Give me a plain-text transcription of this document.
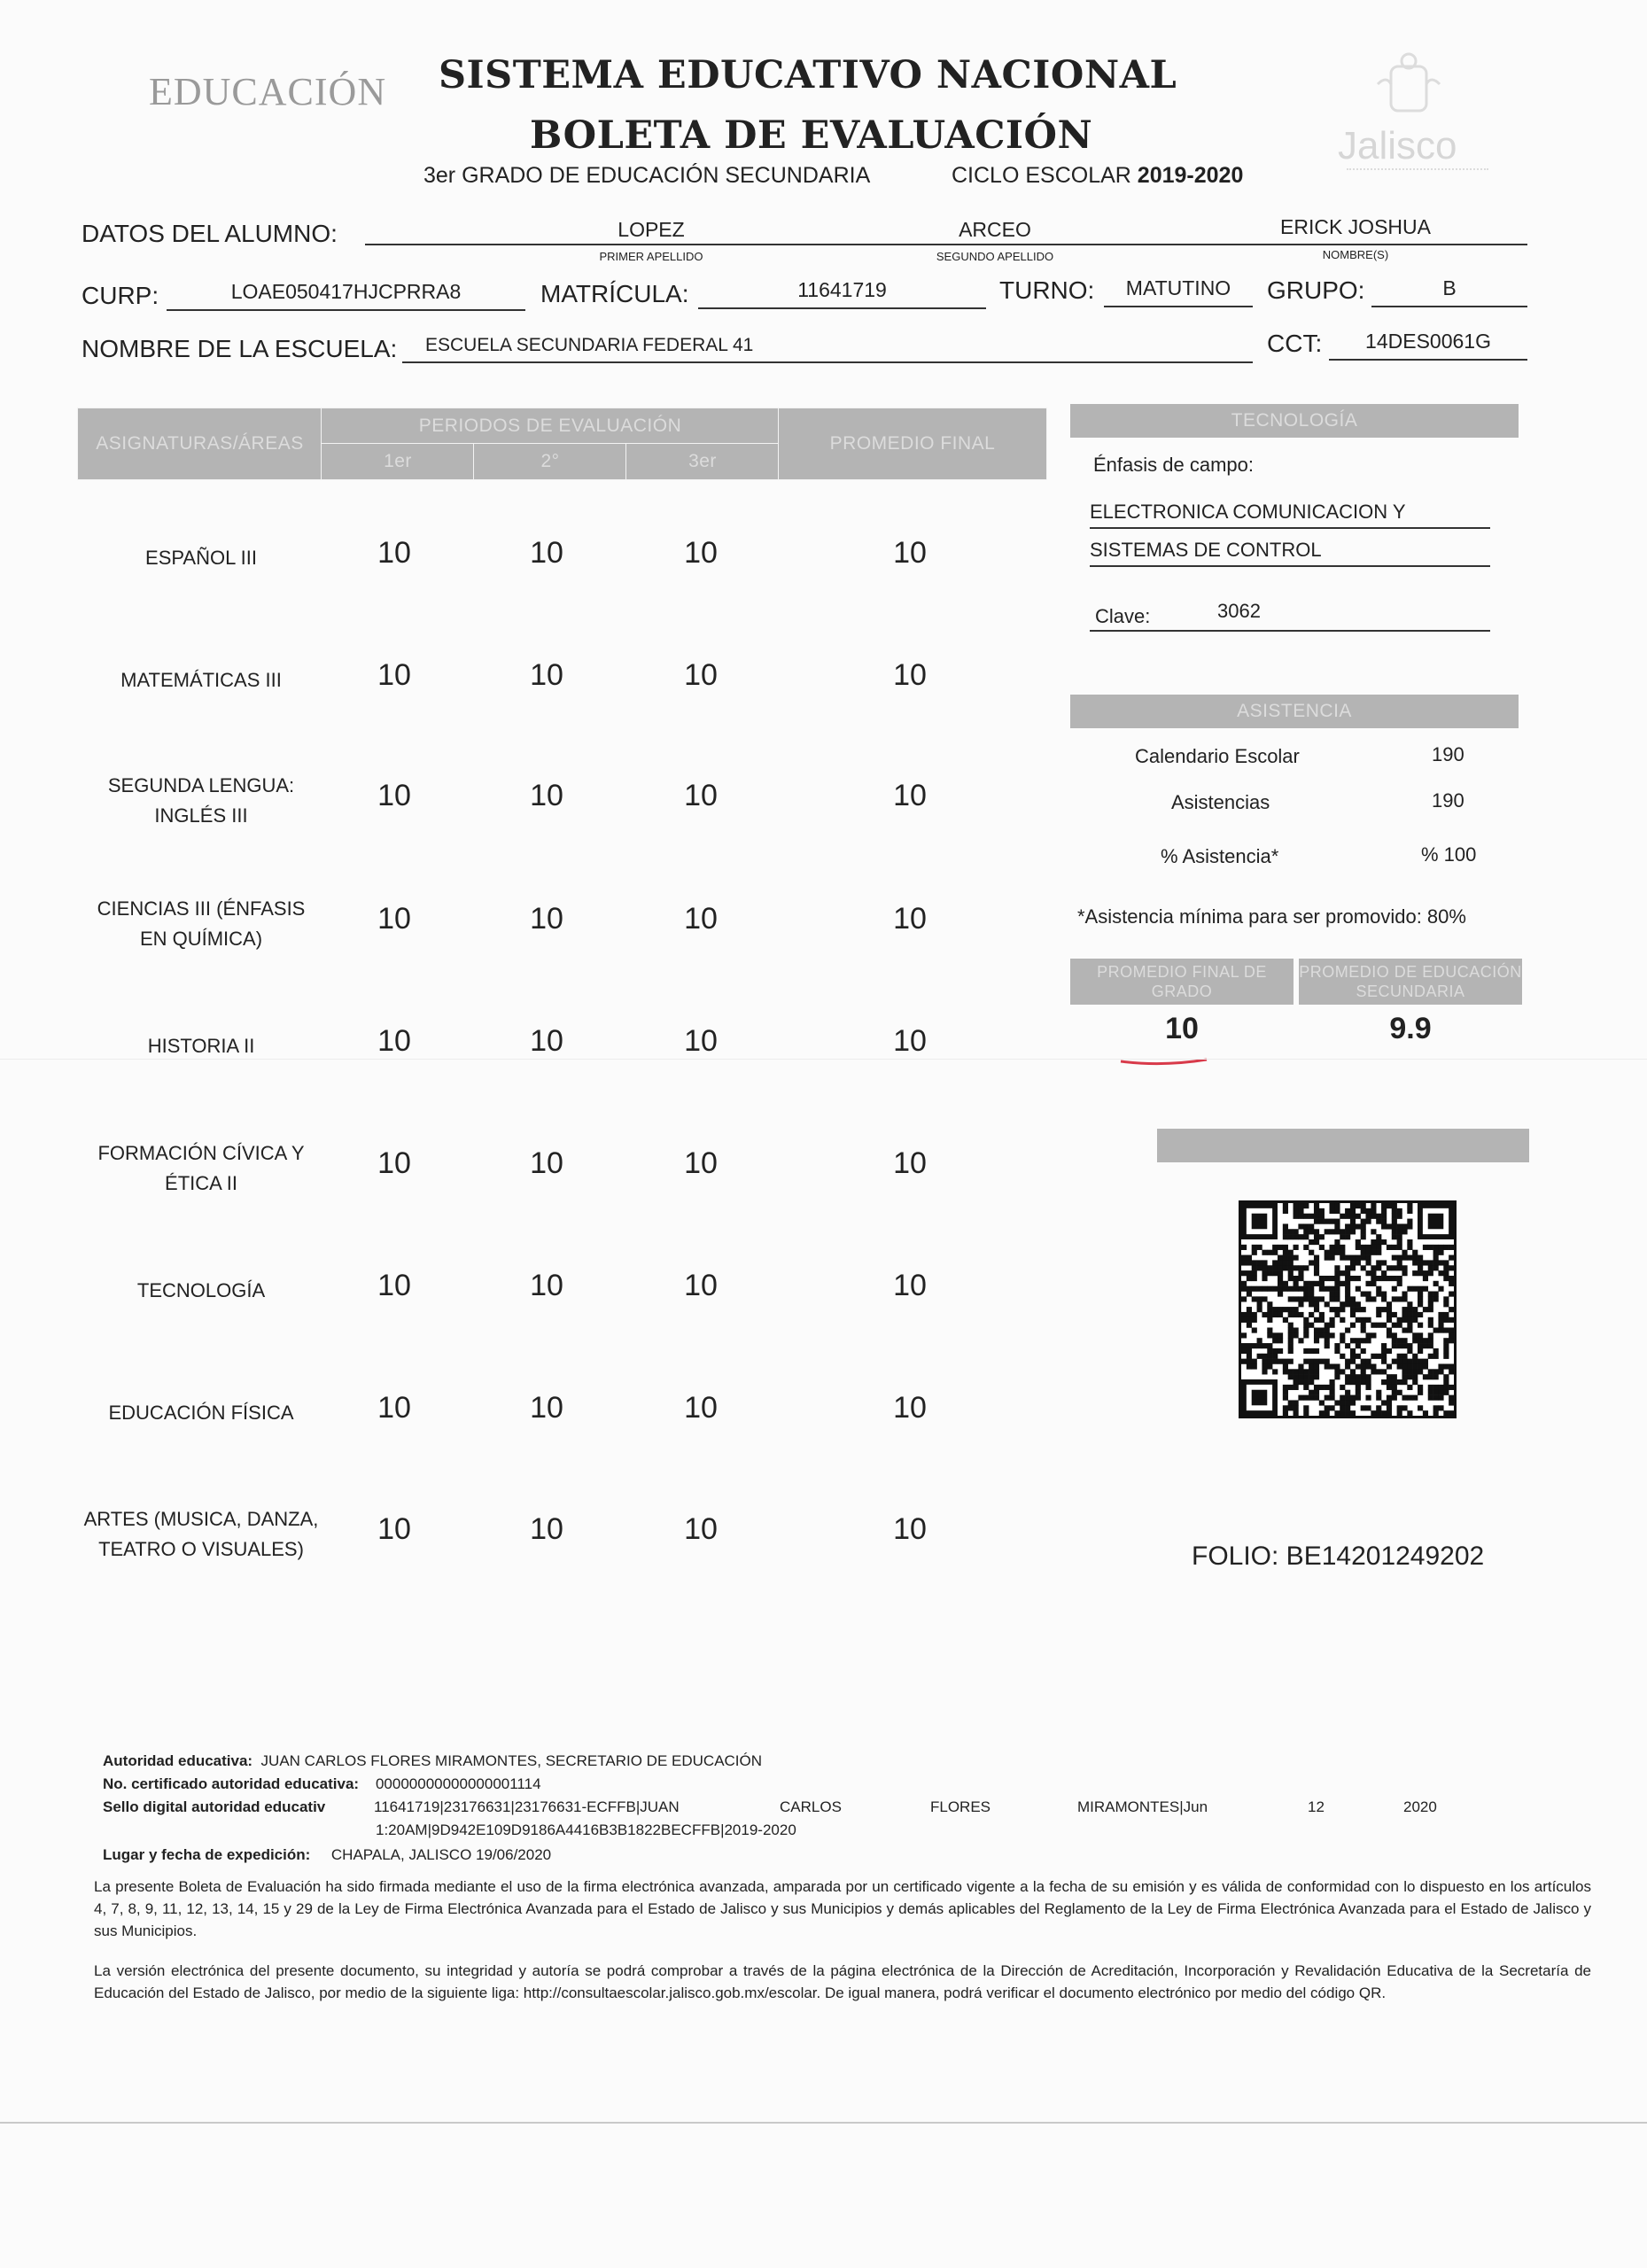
EDUCACIÓN SISTEMA EDUCATIVO NACIONAL
BOLETA DE EVALUACIÓN
3er GRADO DE EDUCACIÓN SECUNDARIA	CICLO ESCOLAR 2019-2020
Jalisco
DATOS DEL ALUMNO:	LOPEZ
PRIMER APELLIDO
ARCEO
SEGUNDO APELLIDO
ERICK JOSHUA
NOMBRE(S)
CURP:	LOAE050417HJCPRRA8	MATRÍCULA:	11641719	TURNO:	MATUTINO	GRUPO:	B
NOMBRE DE LA ESCUELA: ESCUELA SECUNDARIA FEDERAL 41	CCT:	14DES0061G
ASIGNATURAS/ÁREAS
PERIODOS DE EVALUACIÓN
1er	2°	3er
PROMEDIO FINAL
ESPAÑOL III	10	10	10	10
MATEMÁTICAS III	10	10	10	10
SEGUNDA LENGUA:
INGLÉS III
10	10	10	10
CIENCIAS III (ÉNFASIS
EN QUÍMICA)
10	10	10	10
HISTORIA II	10	10	10	10
FORMACIÓN CÍVICA Y
ÉTICA II
10	10	10	10
TECNOLOGÍA	10	10	10	10
EDUCACIÓN FÍSICA	10	10	10	10
ARTES (MUSICA, DANZA,
TEATRO O VISUALES)
10	10	10	10
TECNOLOGÍA
Énfasis de campo:
ELECTRONICA COMUNICACION Y
SISTEMAS DE CONTROL
Clave:	3062
ASISTENCIA
Calendario Escolar	190
Asistencias	190
% Asistencia*	% 100
*Asistencia mínima para ser promovido: 80%
PROMEDIO FINAL DE GRADO
PROMEDIO DE EDUCACIÓN SECUNDARIA
10	9.9
FOLIO: BE14201249202
Autoridad educativa: JUAN CARLOS FLORES MIRAMONTES, SECRETARIO DE EDUCACIÓN
No. certificado autoridad educativa: 00000000000000001114
Sello digital autoridad educativ	11641719|23176631|23176631-ECFFB|JUAN	CARLOS	FLORES	MIRAMONTES|Jun	12	2020
1:20AM|9D942E109D9186A4416B3B1822BECFFB|2019-2020
Lugar y fecha de expedición: CHAPALA, JALISCO 19/06/2020
La presente Boleta de Evaluación ha sido firmada mediante el uso de la firma electrónica avanzada, amparada por un certificado vigente a la fecha de su emisión y es válida de conformidad con lo dispuesto en los artículos 4, 7, 8, 9, 11, 12, 13, 14, 15 y 29 de la Ley de Firma Electrónica Avanzada para el Estado de Jalisco y sus Municipios y demás aplicables del Reglamento de la Ley de Firma Electrónica Avanzada para el Estado de Jalisco y sus Municipios.
La versión electrónica del presente documento, su integridad y autoría se podrá comprobar a través de la página electrónica de la Dirección de Acreditación, Incorporación y Revalidación Educativa de la Secretaría de Educación del Estado de Jalisco, por medio de la siguiente liga: http://consultaescolar.jalisco.gob.mx/escolar. De igual manera, podrá verificar el documento electrónico por medio del código QR.
